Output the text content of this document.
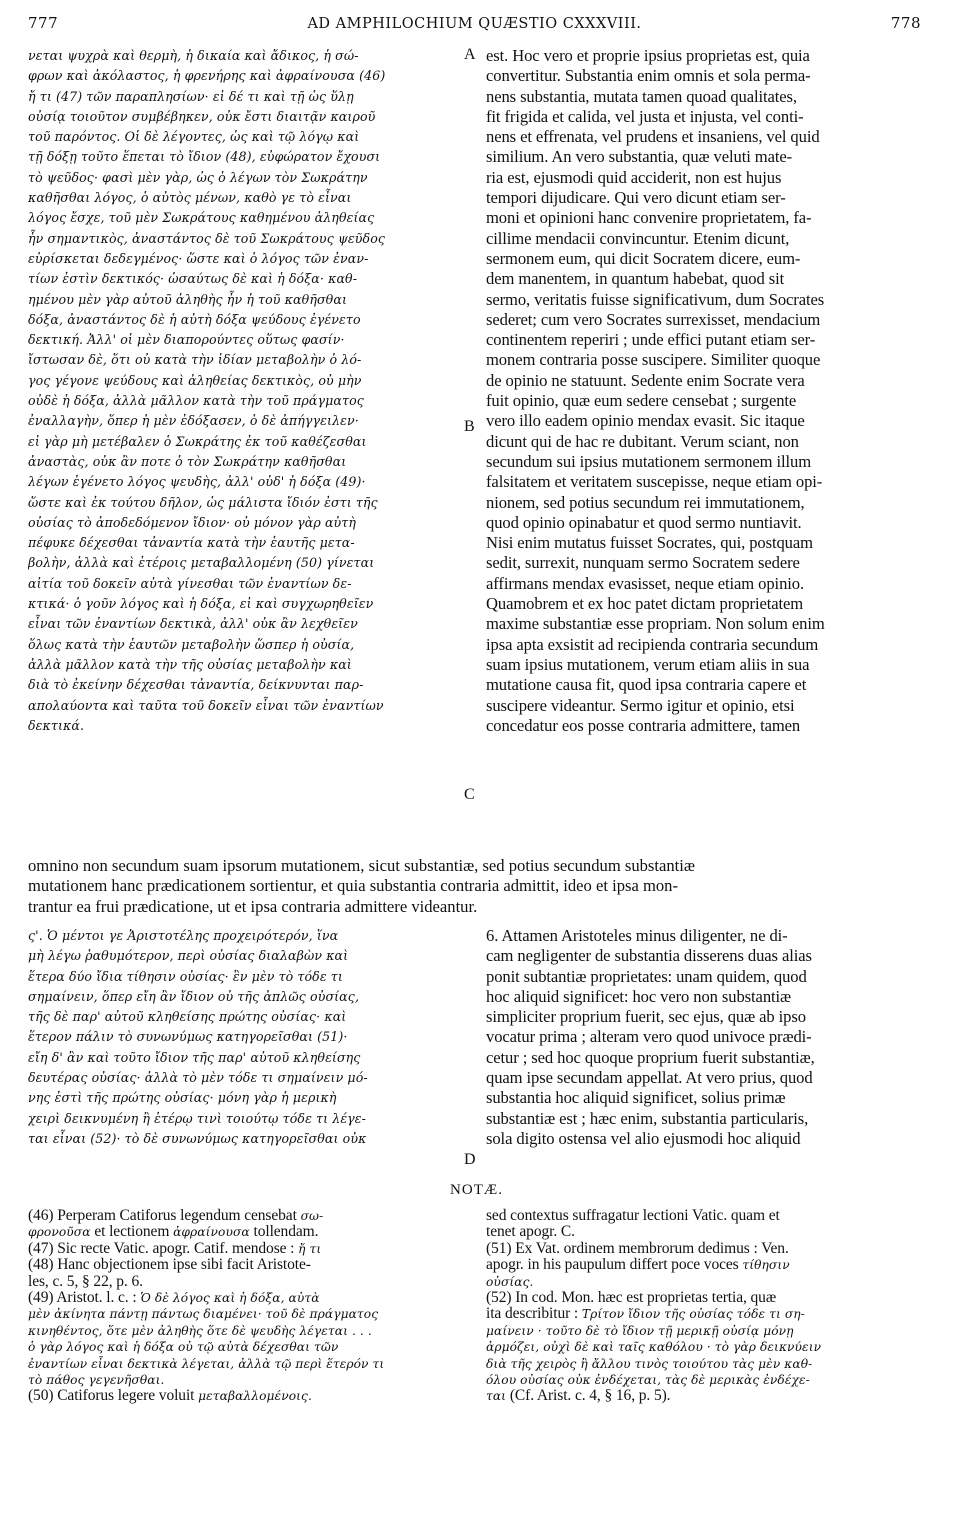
777	AD AMPHILOCHIUM QUÆSTIO CXXXVIII.	778
νεται ψυχρὰ καὶ θερμὴ, ἡ δικαία καὶ ἄδικος, ἡ σώ-
φρων καὶ ἀκόλαστος, ἡ φρενήρης καὶ ἀφραίνουσα (46)
ἤ τι (47) τῶν παραπλησίων· εἰ δέ τι καὶ τῇ ὡς ὕλῃ
οὐσίᾳ τοιοῦτον συμβέβηκεν, οὐκ ἔστι διαιτᾷν καιροῦ
τοῦ παρόντος. Οἱ δὲ λέγοντες, ὡς καὶ τῷ λόγῳ καὶ
τῇ δόξῃ τοῦτο ἕπεται τὸ ἴδιον (48), εὐφώρατον ἔχουσι
τὸ ψεῦδος· φασὶ μὲν γὰρ, ὡς ὁ λέγων τὸν Σωκράτην
καθῆσθαι λόγος, ὁ αὐτὸς μένων, καθὸ γε τὸ εἶναι
λόγος ἔσχε, τοῦ μὲν Σωκράτους καθημένου ἀληθείας
ἦν σημαντικὸς, ἀναστάντος δὲ τοῦ Σωκράτους ψεῦδος
εὑρίσκεται δεδεγμένος· ὥστε καὶ ὁ λόγος τῶν ἐναν-
τίων ἐστὶν δεκτικός· ὡσαύτως δὲ καὶ ἡ δόξα· καθ-
ημένου μὲν γὰρ αὐτοῦ ἀληθὴς ἦν ἡ τοῦ καθῆσθαι
δόξα, ἀναστάντος δὲ ἡ αὐτὴ δόξα ψεύδους ἐγένετο
δεκτική. Ἀλλ' οἱ μὲν διαπορούντες οὕτως φασίν·
ἴστωσαν δὲ, ὅτι οὐ κατὰ τὴν ἰδίαν μεταβολὴν ὁ λό-
γος γέγονε ψεύδους καὶ ἀληθείας δεκτικὸς, οὐ μὴν
οὐδὲ ἡ δόξα, ἀλλὰ μᾶλλον κατὰ τὴν τοῦ πράγματος
ἐναλλαγὴν, ὅπερ ἡ μὲν ἐδόξασεν, ὁ δὲ ἀπήγγειλεν·
εἰ γὰρ μὴ μετέβαλεν ὁ Σωκράτης ἐκ τοῦ καθέζεσθαι
ἀναστὰς, οὐκ ἂν ποτε ὁ τὸν Σωκράτην καθῆσθαι
λέγων ἐγένετο λόγος ψευδὴς, ἀλλ' οὐδ' ἡ δόξα (49)·
ὥστε καὶ ἐκ τούτου δῆλον, ὡς μάλιστα ἴδιόν ἐστι τῆς
οὐσίας τὸ ἀποδεδόμενον ἴδιον· οὐ μόνον γὰρ αὐτὴ
πέφυκε δέχεσθαι τἀναντία κατὰ τὴν ἑαυτῆς μετα-
βολὴν, ἀλλὰ καὶ ἑτέροις μεταβαλλομένη (50) γίνεται
αἰτία τοῦ δοκεῖν αὐτὰ γίνεσθαι τῶν ἐναντίων δε-
κτικά· ὁ γοῦν λόγος καὶ ἡ δόξα, εἰ καὶ συγχωρηθεῖεν
εἶναι τῶν ἐναντίων δεκτικὰ, ἀλλ' οὐκ ἂν λεχθεῖεν
ὅλως κατὰ τὴν ἑαυτῶν μεταβολὴν ὥσπερ ἡ οὐσία,
ἀλλὰ μᾶλλον κατὰ τὴν τῆς οὐσίας μεταβολὴν καὶ
διὰ τὸ ἐκείνην δέχεσθαι τἀναντία, δείκνυνται παρ-
απολαύοντα καὶ ταῦτα τοῦ δοκεῖν εἶναι τῶν ἐναντίων
δεκτικά.
est. Hoc vero et proprie ipsius proprietas est, quia
convertitur. Substantia enim omnis et sola perma-
nens substantia, mutata tamen quoad qualitates,
fit frigida et calida, vel justa et injusta, vel conti-
nens et effrenata, vel prudens et insaniens, vel quid
similium. An vero substantia, quæ veluti mate-
ria est, ejusmodi quid acciderit, non est hujus
tempori dijudicare. Qui vero dicunt etiam ser-
moni et opinioni hanc convenire proprietatem, fa-
cillime mendacii convincuntur. Etenim dicunt,
sermonem eum, qui dicit Socratem dicere, eum-
dem manentem, in quantum habebat, quod sit
sermo, veritatis fuisse significativum, dum Socrates
sederet; cum vero Socrates surrexisset, mendacium
continentem reperiri ; unde effici putant etiam ser-
monem contraria posse suscipere. Similiter quoque
de opinio ne statuunt. Sedente enim Socrate vera
fuit opinio, quæ eum sedere censebat ; surgente
vero illo eadem opinio mendax evasit. Sic itaque
dicunt qui de hac re dubitant. Verum sciant, non
secundum sui ipsius mutationem sermonem illum
falsitatem et veritatem suscepisse, neque etiam opi-
nionem, sed potius secundum rei immutationem,
quod opinio opinabatur et quod sermo nuntiavit.
Nisi enim mutatus fuisset Socrates, qui, postquam
sedit, surrexit, nunquam sermo Socratem sedere
affirmans mendax evasisset, neque etiam opinio.
Quamobrem et ex hoc patet dictam proprietatem
maxime substantiæ esse propriam. Non solum enim
ipsa apta exsistit ad recipienda contraria secundum
suam ipsius mutationem, verum etiam aliis in sua
mutatione causa fit, quod ipsa contraria capere et
suscipere videantur. Sermo igitur et opinio, etsi
concedatur eos posse contraria admittere, tamen
A
B
C
omnino non secundum suam ipsorum mutationem, sicut substantiæ, sed potius secundum substantiæ
mutationem hanc prædicationem sortientur, et quia substantia contraria admittit, ideo et ipsa mon-
trantur ea frui prædicatione, ut et ipsa contraria admittere videantur.
ς'. Ὁ μέντοι γε Ἀριστοτέλης προχειρότερόν, ἵνα
μὴ λέγω ῥαθυμότερον, περὶ οὐσίας διαλαβὼν καὶ
ἕτερα δύο ἴδια τίθησιν οὐσίας· ἓν μὲν τὸ τόδε τι
σημαίνειν, ὅπερ εἴη ἂν ἴδιον οὐ τῆς ἁπλῶς οὐσίας,
τῆς δὲ παρ' αὐτοῦ κληθείσης πρώτης οὐσίας· καὶ
ἕτερον πάλιν τὸ συνωνύμως κατηγορεῖσθαι (51)·
εἴη δ' ἂν καὶ τοῦτο ἴδιον τῆς παρ' αὐτοῦ κληθείσης
δευτέρας οὐσίας· ἀλλὰ τὸ μὲν τόδε τι σημαίνειν μό-
νης ἐστὶ τῆς πρώτης οὐσίας· μόνη γὰρ ἡ μερικὴ
χειρὶ δεικνυμένη ἢ ἑτέρῳ τινὶ τοιούτῳ τόδε τι λέγε-
ται εἶναι (52)· τὸ δὲ συνωνύμως κατηγορεῖσθαι οὐκ
6. Attamen Aristoteles minus diligenter, ne di-
cam negligenter de substantia disserens duas alias
ponit subtantiæ proprietates: unam quidem, quod
hoc aliquid significet: hoc vero non substantiæ
simpliciter proprium fuerit, sec ejus, quæ ab ipso
vocatur prima ; alteram vero quod univoce prædi-
cetur ; sed hoc quoque proprium fuerit substantiæ,
quam ipse secundam appellat. At vero prius, quod
substantia hoc aliquid significet, solius primæ
substantiæ est ; hæc enim, substantia particularis,
sola digito ostensa vel alio ejusmodi hoc aliquid
D
NOTÆ.
(46) Perperam Catiforus legendum censebat σω-
φρονοῦσα et lectionem ἀφραίνουσα tollendam.
(47) Sic recte Vatic. apogr. Catif. mendose : ἤ τι
(48) Hanc objectionem ipse sibi facit Aristote-
les, c. 5, § 22, p. 6.
(49) Aristot. l. c. : Ὁ δὲ λόγος καὶ ἡ δόξα, αὐτὰ
μὲν ἀκίνητα πάντῃ πάντως διαμένει· τοῦ δὲ πράγματος
κινηθέντος, ὅτε μὲν ἀληθὴς ὅτε δὲ ψευδὴς λέγεται . . .
ὁ γὰρ λόγος καὶ ἡ δόξα οὐ τῷ αὐτὰ δέχεσθαι τῶν
ἐναντίων εἶναι δεκτικὰ λέγεται, ἀλλὰ τῷ περὶ ἕτερόν τι
τὸ πάθος γεγενῆσθαι.
(50) Catiforus legere voluit μεταβαλλομένοις.
sed contextus suffragatur lectioni Vatic. quam et
tenet apogr. C.
(51) Ex Vat. ordinem membrorum dedimus : Ven.
apogr. in his paupulum differt poce voces τίθησιν
οὐσίας.
(52) In cod. Mon. hæc est proprietas tertia, quæ
ita describitur : Τρίτον ἴδιον τῆς οὐσίας τόδε τι ση-
μαίνειν · τοῦτο δὲ τὸ ἴδιον τῇ μερικῇ οὐσίᾳ μόνῃ
ἁρμόζει, οὐχὶ δὲ καὶ ταῖς καθόλου · τὸ γὰρ δεικνύειν
διὰ τῆς χειρὸς ἢ ἄλλου τινὸς τοιούτου τὰς μὲν καθ-
όλου οὐσίας οὐκ ἐνδέχεται, τὰς δὲ μερικὰς ἐνδέχε-
ται (Cf. Arist. c. 4, § 16, p. 5).
